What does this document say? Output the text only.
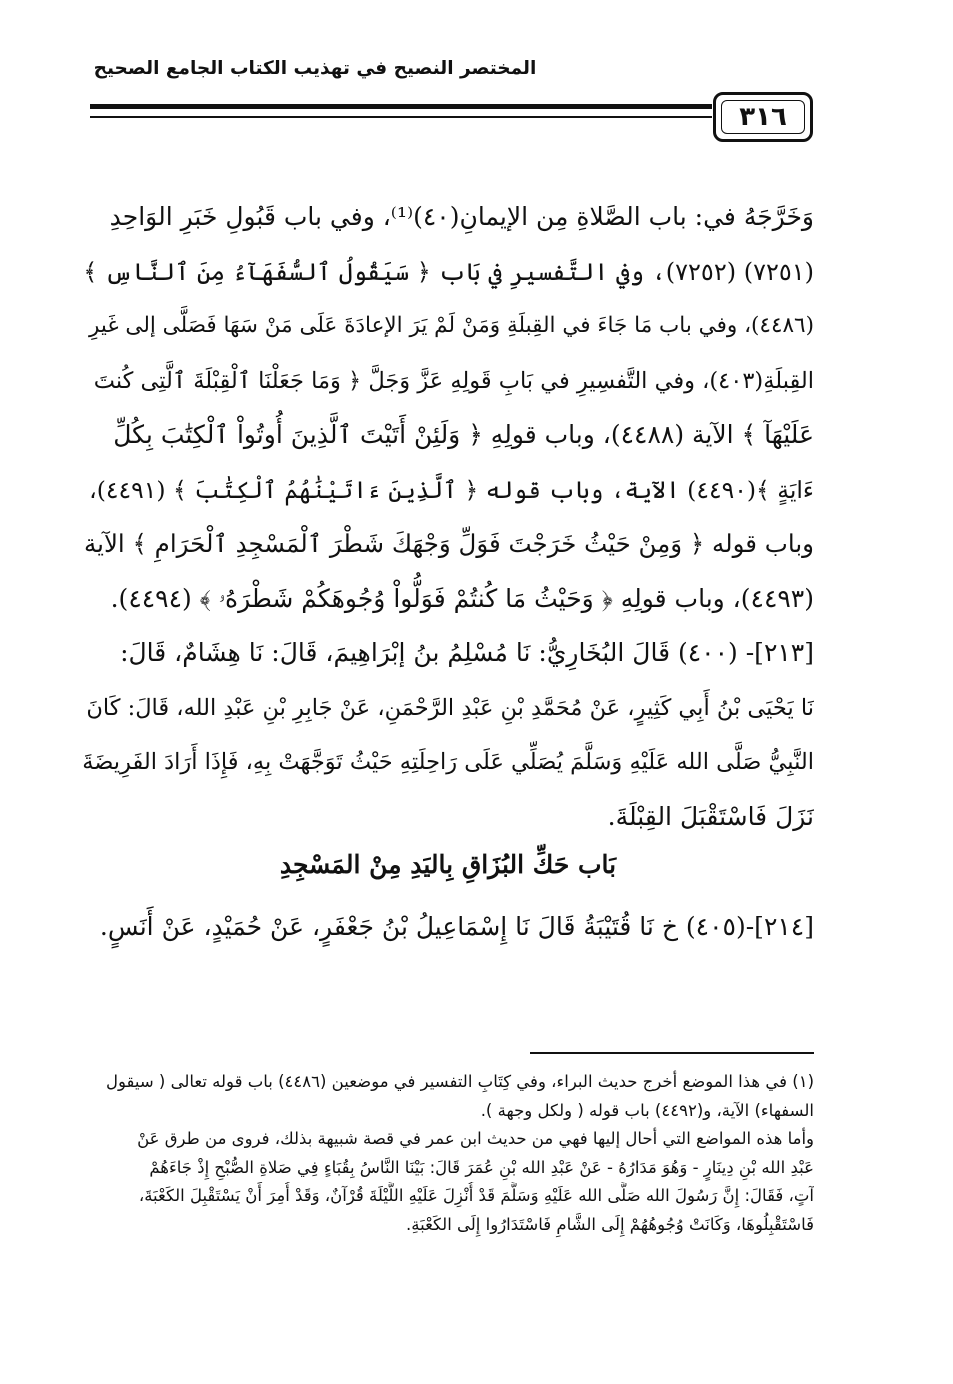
المختصر النصيح في تهذيب الكتاب الجامع الصحيح
٣١٦
وَخَرَّجَهُ في: باب الصَّلاةِ مِن الإيمانِ(٤٠)⁽¹⁾، وفي باب قَبُولِ خَبَرِ الوَاحِدِ
(٧٢٥١) (٧٢٥٢)، وفي التَّفسيرِ في بَاب ﴿ سَيَقُولُ ٱلسُّفَهَآءُ مِنَ ٱلنَّاسِ ﴾
(٤٤٨٦)، وفي باب مَا جَاءَ في القِبلَةِ وَمَنْ لَمْ يَرَ الإعادَةَ عَلَى مَنْ سَهَا فَصَلَّى إلى غَيرِ
القِبلَةِ(٤٠٣)، وفي التَّفسِيرِ في بَابِ قَولِهِ عَزَّ وَجَلَّ ﴿ وَمَا جَعَلْنَا ٱلْقِبْلَةَ ٱلَّتِى كُنتَ
عَلَيْهَآ ﴾ الآية (٤٤٨٨)، وباب قولِهِ ﴿ وَلَئِنْ أَتَيْتَ ٱلَّذِينَ أُوتُواْ ٱلْكِتَٰبَ بِكُلِّ
ءَايَةٍ ﴾(٤٤٩٠) الآية، وباب قوله ﴿ ٱلَّذِينَ ءَاتَيْنَٰهُمُ ٱلْكِتَٰبَ ﴾ (٤٤٩١)،
وباب قوله ﴿ وَمِنْ حَيْثُ خَرَجْتَ فَوَلِّ وَجْهَكَ شَطْرَ ٱلْمَسْجِدِ ٱلْحَرَامِ ﴾ الآية
(٤٤٩٣)، وباب قولِهِ ﴿ وَحَيْثُ مَا كُنتُمْ فَوَلُّواْ وُجُوهَكُمْ شَطْرَهُۥ ﴾ (٤٤٩٤).
[٢١٣]- (٤٠٠) قَالَ البُخَارِيُّ: نَا مُسْلِمُ بنُ إبْرَاهِيمَ، قَالَ: نَا هِشَامٌ، قَالَ:
نَا يَحْيَى بْنُ أَبِي كَثِيرٍ، عَنْ مُحَمَّدِ بْنِ عَبْدِ الرَّحْمَنِ، عَنْ جَابِرِ بْنِ عَبْدِ الله، قَالَ: كَانَ
النَّبِيُّ صَلَّى الله عَلَيْهِ وَسَلَّمَ يُصَلِّي عَلَى رَاحِلَتِهِ حَيْثُ تَوَجَّهَتْ بِهِ، فَإِذَا أَرَادَ الفَرِيضَةَ
نَزَلَ فَاسْتَقْبَلَ القِبْلَةَ.
بَاب حَكِّ البُزَاقِ بِاليَدِ مِنْ المَسْجِدِ
[٢١٤]-(٤٠٥) خ نَا قُتَيْبَةُ قَالَ نَا إِسْمَاعِيلُ بْنُ جَعْفَرٍ، عَنْ حُمَيْدٍ، عَنْ أَنَسٍ.
(١) في هذا الموضع أخرج حديث البراء، وفي كِتَابِ التفسير في موضعين (٤٤٨٦) باب قوله تعالى ( سيقول
السفهاء) الآية، و(٤٤٩٢) باب قوله ( ولكل وجهة ).
وأما هذه المواضع التي أحال إليها فهي من حديث ابن عمر في قصة شبيهة بذلك، فروى من طرق عَنْ
عَبْدِ الله بْنِ دِينَارٍ - وَهُوَ مَدَارُهُ - عَنْ عَبْدِ الله بْنِ عُمَرَ قَالَ: بَيْنَا النَّاسُ بِقُبَاءٍ فِي صَلاةِ الصُّبْحِ إِذْ جَاءَهُمْ
آتٍ، فَقَالَ: إِنَّ رَسُولَ الله صَلَّى الله عَلَيْهِ وَسَلَّمَ قَدْ أُنْزِلَ عَلَيْهِ اللَّيْلَةَ قُرْآنٌ، وَقَدْ أُمِرَ أَنْ يَسْتَقْبِلَ الكَعْبَةَ،
فَاسْتَقْبِلُوهَا، وَكَانَتْ وُجُوهُهُمْ إِلَى الشَّامِ فَاسْتَدَارُوا إِلَى الكَعْبَةِ.
